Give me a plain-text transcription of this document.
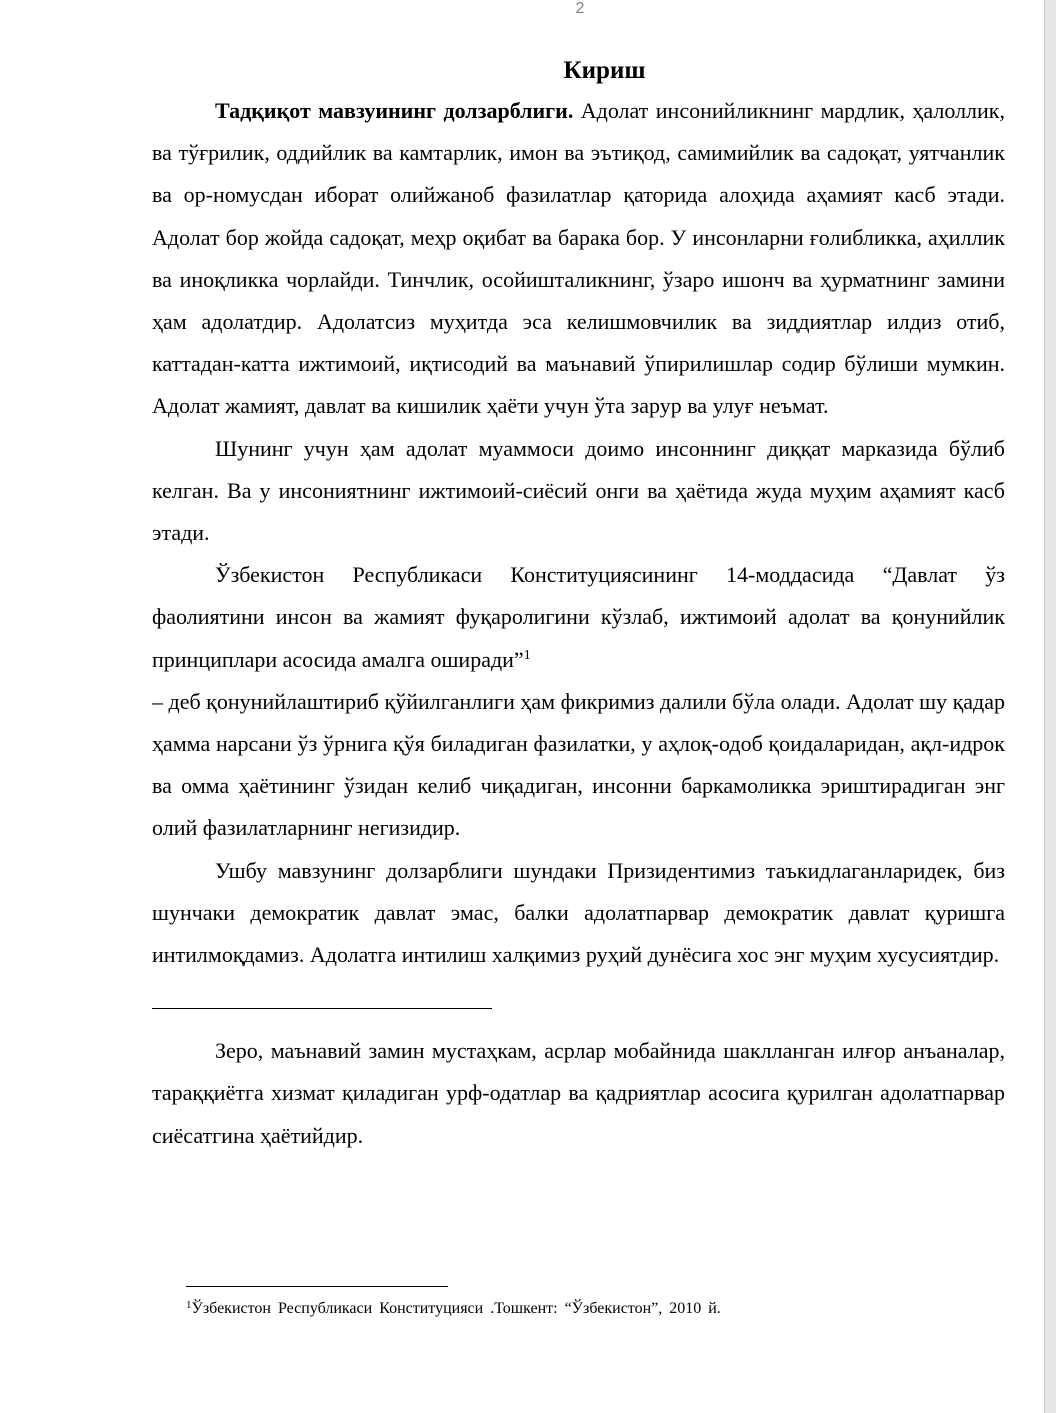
2
Кириш

Тадқиқот мавзуининг долзарблиги. Адолат инсонийликнинг мардлик, ҳалоллик, ва тўғрилик, оддийлик ва камтарлик, имон ва эътиқод, самимийлик ва садоқат, уятчанлик ва ор-номусдан иборат олийжаноб фазилатлар қаторида алоҳида аҳамият касб этади. Адолат бор жойда садоқат, меҳр оқибат ва барака бор. У инсонларни ғолибликка, аҳиллик ва иноқликка чорлайди. Тинчлик, осойишталикнинг, ўзаро ишонч ва ҳурматнинг замини ҳам адолатдир. Адолатсиз муҳитда эса келишмовчилик ва зиддиятлар илдиз отиб, каттадан-катта ижтимоий, иқтисодий ва маънавий ўпирилишлар содир бўлиши мумкин. Адолат жамият, давлат ва кишилик ҳаёти учун ўта зарур ва улуғ неъмат.

Шунинг учун ҳам адолат муаммоси доимо инсоннинг диққат марказида бўлиб келган. Ва у инсониятнинг ижтимоий-сиёсий онги ва ҳаётида жуда муҳим аҳамият касб этади.

Ўзбекистон Республикаси Конституциясининг 14-моддасида “Давлат ўз фаолиятини инсон ва жамият фуқаролигини кўзлаб, ижтимоий адолат ва қонунийлик принциплари асосида амалга оширади”$^1$

– деб қонунийлаштириб қўйилганлиги ҳам фикримиз далили бўла олади. Адолат шу қадар ҳамма нарсани ўз ўрнига қўя биладиган фазилатки, у аҳлоқ-одоб қоидаларидан, ақл-идрок ва омма ҳаётининг ўзидан келиб чиқадиган, инсонни баркамоликка эриштирадиган энг олий фазилатларнинг негизидир.

Ушбу мавзунинг долзарблиги шундаки Призидентимиз таъкидлаганларидек, биз шунчаки демократик давлат эмас, балки адолатпарвар демократик давлат қуришга интилмоқдамиз. Адолатга интилиш халқимиз руҳий дунёсига хос энг муҳим хусусиятдир.

Зеро, маънавий замин мустаҳкам, асрлар мобайнида шаклланган илғор анъаналар, тараққиётга хизмат қиладиган урф-одатлар ва қадриятлар асосига қурилган адолатпарвар сиёсатгина ҳаётийдир.

$^1$Ўзбекистон Республикаси Конституцияси .Тошкент: “Ўзбекистон”, 2010 й.
